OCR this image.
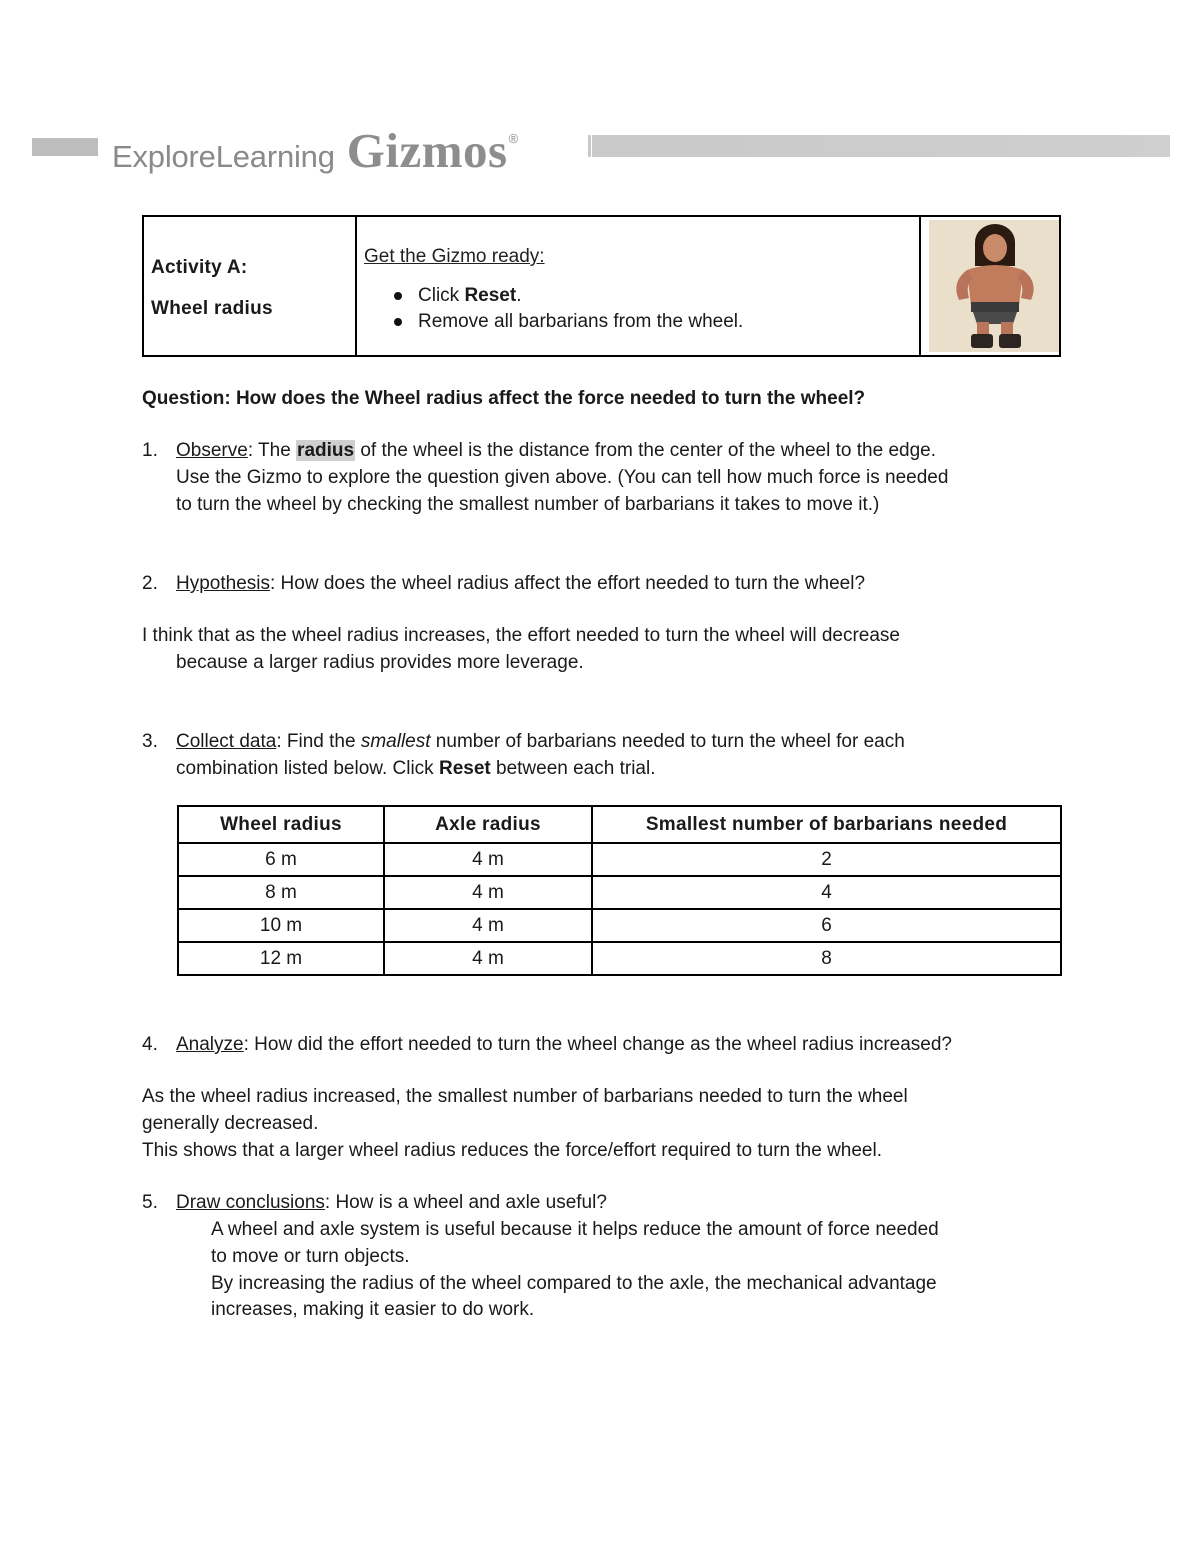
ExploreLearning Gizmos ®
Activity A:
Wheel radius
Get the Gizmo ready:
Click Reset.
Remove all barbarians from the wheel.
Question: How does the Wheel radius affect the force needed to turn the wheel?
1. Observe: The radius of the wheel is the distance from the center of the wheel to the edge.
Use the Gizmo to explore the question given above. (You can tell how much force is needed
to turn the wheel by checking the smallest number of barbarians it takes to move it.)
2. Hypothesis: How does the wheel radius affect the effort needed to turn the wheel?
I think that as the wheel radius increases, the effort needed to turn the wheel will decrease
because a larger radius provides more leverage.
3. Collect data: Find the smallest number of barbarians needed to turn the wheel for each
combination listed below. Click Reset between each trial.
Wheel radius	Axle radius	Smallest number of barbarians needed
6 m	4 m	2
8 m	4 m	4
10 m	4 m	6
12 m	4 m	8
4. Analyze: How did the effort needed to turn the wheel change as the wheel radius increased?
As the wheel radius increased, the smallest number of barbarians needed to turn the wheel
generally decreased.
This shows that a larger wheel radius reduces the force/effort required to turn the wheel.
5. Draw conclusions: How is a wheel and axle useful?
A wheel and axle system is useful because it helps reduce the amount of force needed
to move or turn objects.
By increasing the radius of the wheel compared to the axle, the mechanical advantage
increases, making it easier to do work.
